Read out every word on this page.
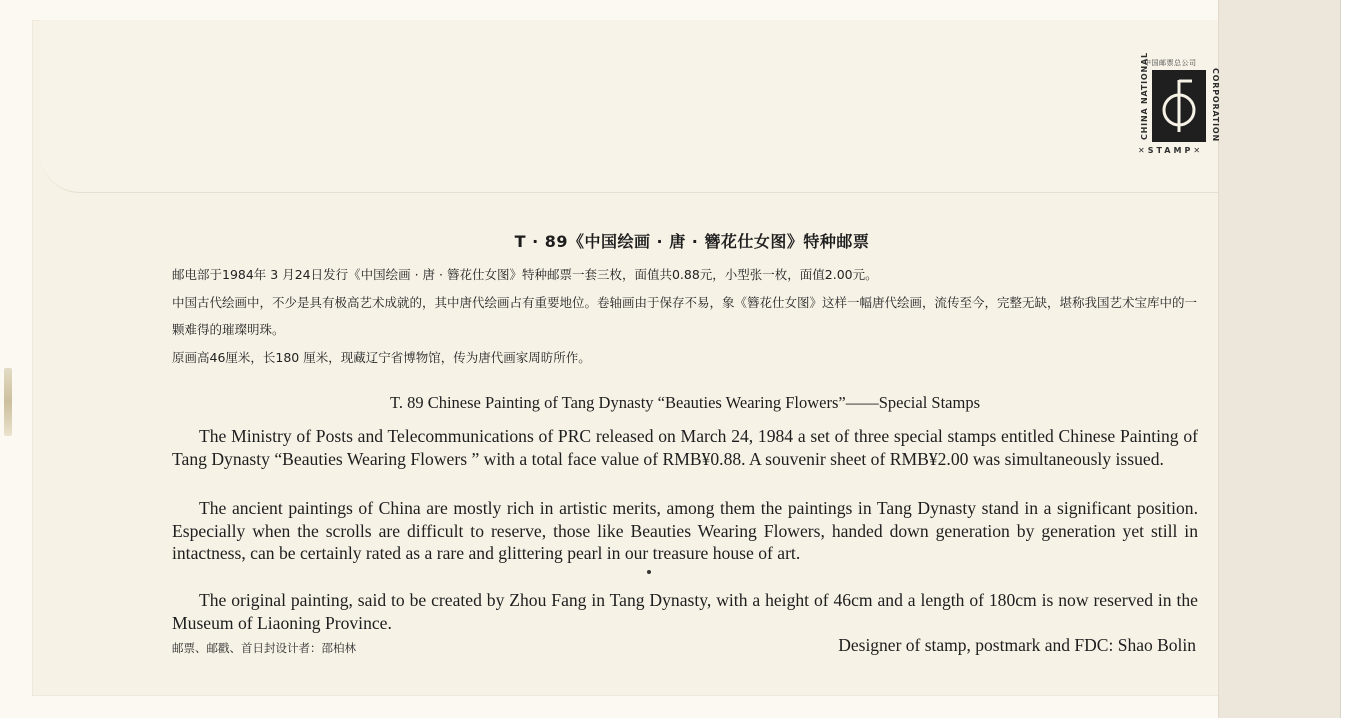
中国邮票总公司
CHINA NATIONAL	CORPORATION
✕STAMP✕
T · 89《中国绘画 · 唐 · 簪花仕女图》特种邮票
邮电部于1984年 3 月24日发行《中国绘画 · 唐 · 簪花仕女图》特种邮票一套三枚，面值共0.88元，小型张一枚，面值2.00元。
中国古代绘画中，不少是具有极高艺术成就的，其中唐代绘画占有重要地位。卷轴画由于保存不易，象《簪花仕女图》这样一幅唐代绘画，流传至今，完整无缺，堪称我国艺术宝库中的一颗难得的璀璨明珠。
原画高46厘米，长180 厘米，现藏辽宁省博物馆，传为唐代画家周昉所作。
T. 89 Chinese Painting of Tang Dynasty “Beauties Wearing Flowers”——Special Stamps
The Ministry of Posts and Telecommunications of PRC released on March 24, 1984 a set of three special stamps entitled Chinese Painting of Tang Dynasty “Beauties Wearing Flowers ” with a total face value of RMB¥0.88. A souvenir sheet of RMB¥2.00 was simultaneously issued.
The ancient paintings of China are mostly rich in artistic merits, among them the paintings in Tang Dynasty stand in a significant position. Especially when the scrolls are difficult to reserve, those like Beauties Wearing Flowers, handed down generation by generation yet still in intactness, can be certainly rated as a rare and glittering pearl in our treasure house of art.
The original painting, said to be created by Zhou Fang in Tang Dynasty, with a height of 46cm and a length of 180cm is now reserved in the Museum of Liaoning Province.
邮票、邮戳、首日封设计者：邵柏林	Designer of stamp, postmark and FDC: Shao Bolin
